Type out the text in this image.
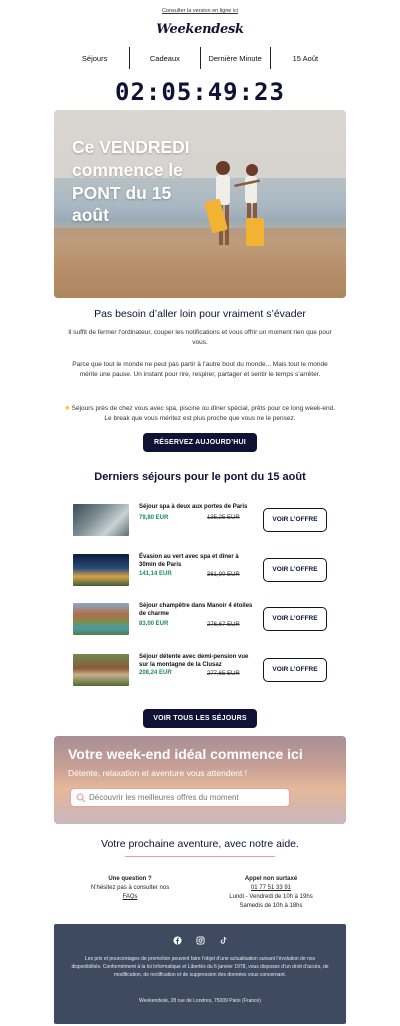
Consulter la version en ligne ici
Weekendesk
Séjours	Cadeaux	Dernière Minute	15 Août
02:05:49:23
Ce VENDREDI commence le PONT du 15 août
Pas besoin d’aller loin pour vraiment s’évader
Il suffit de fermer l’ordinateur, couper les notifications et vous offrir un moment rien que pour vous.
Parce que tout le monde ne peut pas partir à l’autre bout du monde... Mais tout le monde mérite une pause. Un instant pour rire, respirer, partager et sentir le temps s’arrêter.
● Séjours près de chez vous avec spa, piscine ou dîner spécial, prêts pour ce long week-end. Le break que vous méritez est plus proche que vous ne le pensez.
RÉSERVEZ AUJOURD’HUI
Derniers séjours pour le pont du 15 août
Séjour spa à deux aux portes de Paris
79,80 EUR	135,25 EUR	VOIR L’OFFRE
Évasion au vert avec spa et dîner à 30min de Paris
141,14 EUR	361,90 EUR
VOIR L’OFFRE
Séjour champêtre dans Manoir 4 étoiles de charme
83,00 EUR	276,67 EUR
VOIR L’OFFRE
Séjour détente avec demi-pension vue sur la montagne de la Clusaz
208,24 EUR	277,65 EUR
VOIR L’OFFRE
VOIR TOUS LES SÉJOURS
Votre week-end idéal commence ici
Détente, relaxation et aventure vous attendent !
Découvrir les meilleures offres du moment
Votre prochaine aventure, avec notre aide.
Une question ?
N’hésitez pas à consulter nos
FAQs
Appel non surtaxé
01 77 51 33 91
Lundi - Vendredi de 10h à 19hs
Samedis de 10h à 18hs
Les prix et pourcentages de promotion peuvent faire l’objet d’une actualisation suivant l’évolution de nos disponibilités. Conformément à la loi Informatique et Libertés du 6 janvier 1978, vous disposez d’un droit d’accès, de modification, de rectification et de suppression des données vous concernant.
Weekendesk, 28 rue de Londres, 75009 Paris (France)
